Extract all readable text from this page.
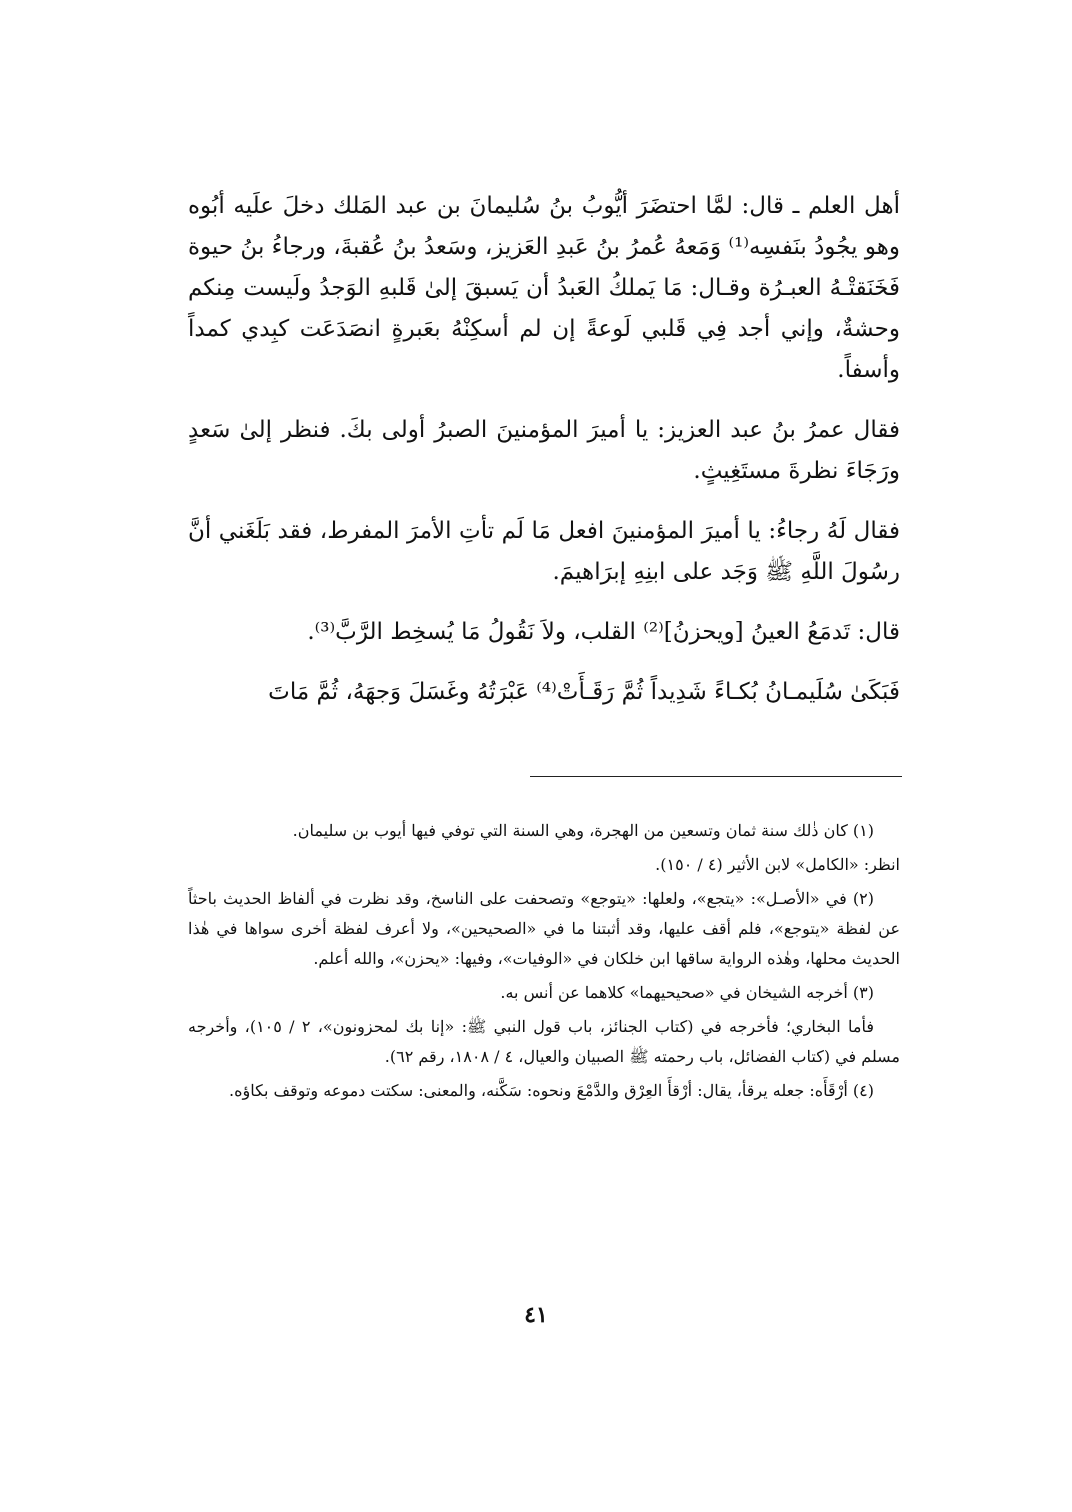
أهل العلم ـ قال: لمَّا احتضَرَ أيُّوبُ بنُ سُليمانَ بن عبد المَلك دخلَ علَيه أبُوه وهو يجُودُ بنَفسِه⁽¹⁾ وَمَعهُ عُمرُ بنُ عَبدِ العَزيز، وسَعدُ بنُ عُقبةَ، ورجاءُ بنُ حيوة فَخَنَقتْـهُ العبـرُة وقـال: مَا يَملكُ العَبدُ أن يَسبقَ إلىٰ قَلبهِ الوَجدُ ولَيست مِنكم وحشةٌ، وإني أجد فِي قَلبي لَوعةً إن لم أسكِنْهُ بعَبرةٍ انصَدَعَت كبِدي كمداً وأسفاً.

فقال عمرُ بنُ عبد العزيز: يا أميرَ المؤمنينَ الصبرُ أولى بكَ. فنظر إلىٰ سَعدٍ ورَجَاءَ نظرةَ مستَغِيثٍ.

فقال لَهُ رجاءُ: يا أميرَ المؤمنينَ افعل مَا لَم تأتِ الأمرَ المفرط، فقد بَلَغَني أنَّ رسُولَ اللَّهِ ﷺ وَجَد على ابنِهِ إبرَاهيمَ.

قال: تَدمَعُ العينُ [ويحزنُ]⁽²⁾ القلب، ولاَ نَقُولُ مَا يُسخِط الرَّبَّ⁽³⁾.

فَبَكَىٰ سُلَيمـانُ بُكـاءً شَدِيداً ثُمَّ رَقَـأَتْ⁽⁴⁾ عَبْرَتُهُ وغَسَلَ وَجهَهُ، ثُمَّ مَاتَ

(١) كان ذٰلك سنة ثمان وتسعين من الهجرة، وهي السنة التي توفي فيها أيوب بن سليمان.

انظر: «الكامل» لابن الأثير (٤ / ١٥٠).

(٢) في «الأصـل»: «يتجع»، ولعلها: «يتوجع» وتصحفت على الناسخ، وقد نظرت في ألفاظ الحديث باحثاً عن لفظة «يتوجع»، فلم أقف عليها، وقد أثبتنا ما في «الصحيحين»، ولا أعرف لفظة أخرى سواها في هٰذا الحديث محلها، وهٰذه الرواية ساقها ابن خلكان في «الوفيات»، وفيها: «يحزن»، والله أعلم.

(٣) أخرجه الشيخان في «صحيحيهما» كلاهما عن أنس به.

فأما البخاري؛ فأخرجه في (كتاب الجنائز، باب قول النبي ﷺ: «إنا بك لمحزونون»، ٢ / ١٠٥)، وأخرجه مسلم في (كتاب الفضائل، باب رحمته ﷺ الصبيان والعيال، ٤ / ١٨٠٨، رقم ٦٢).

(٤) أرْقَأَه: جعله يرقأ، يقال: أرْقأَ العِرْق والدَّمْعَ ونحوه: سَكَّنه، والمعنى: سكتت دموعه وتوقف بكاؤه.

٤١
